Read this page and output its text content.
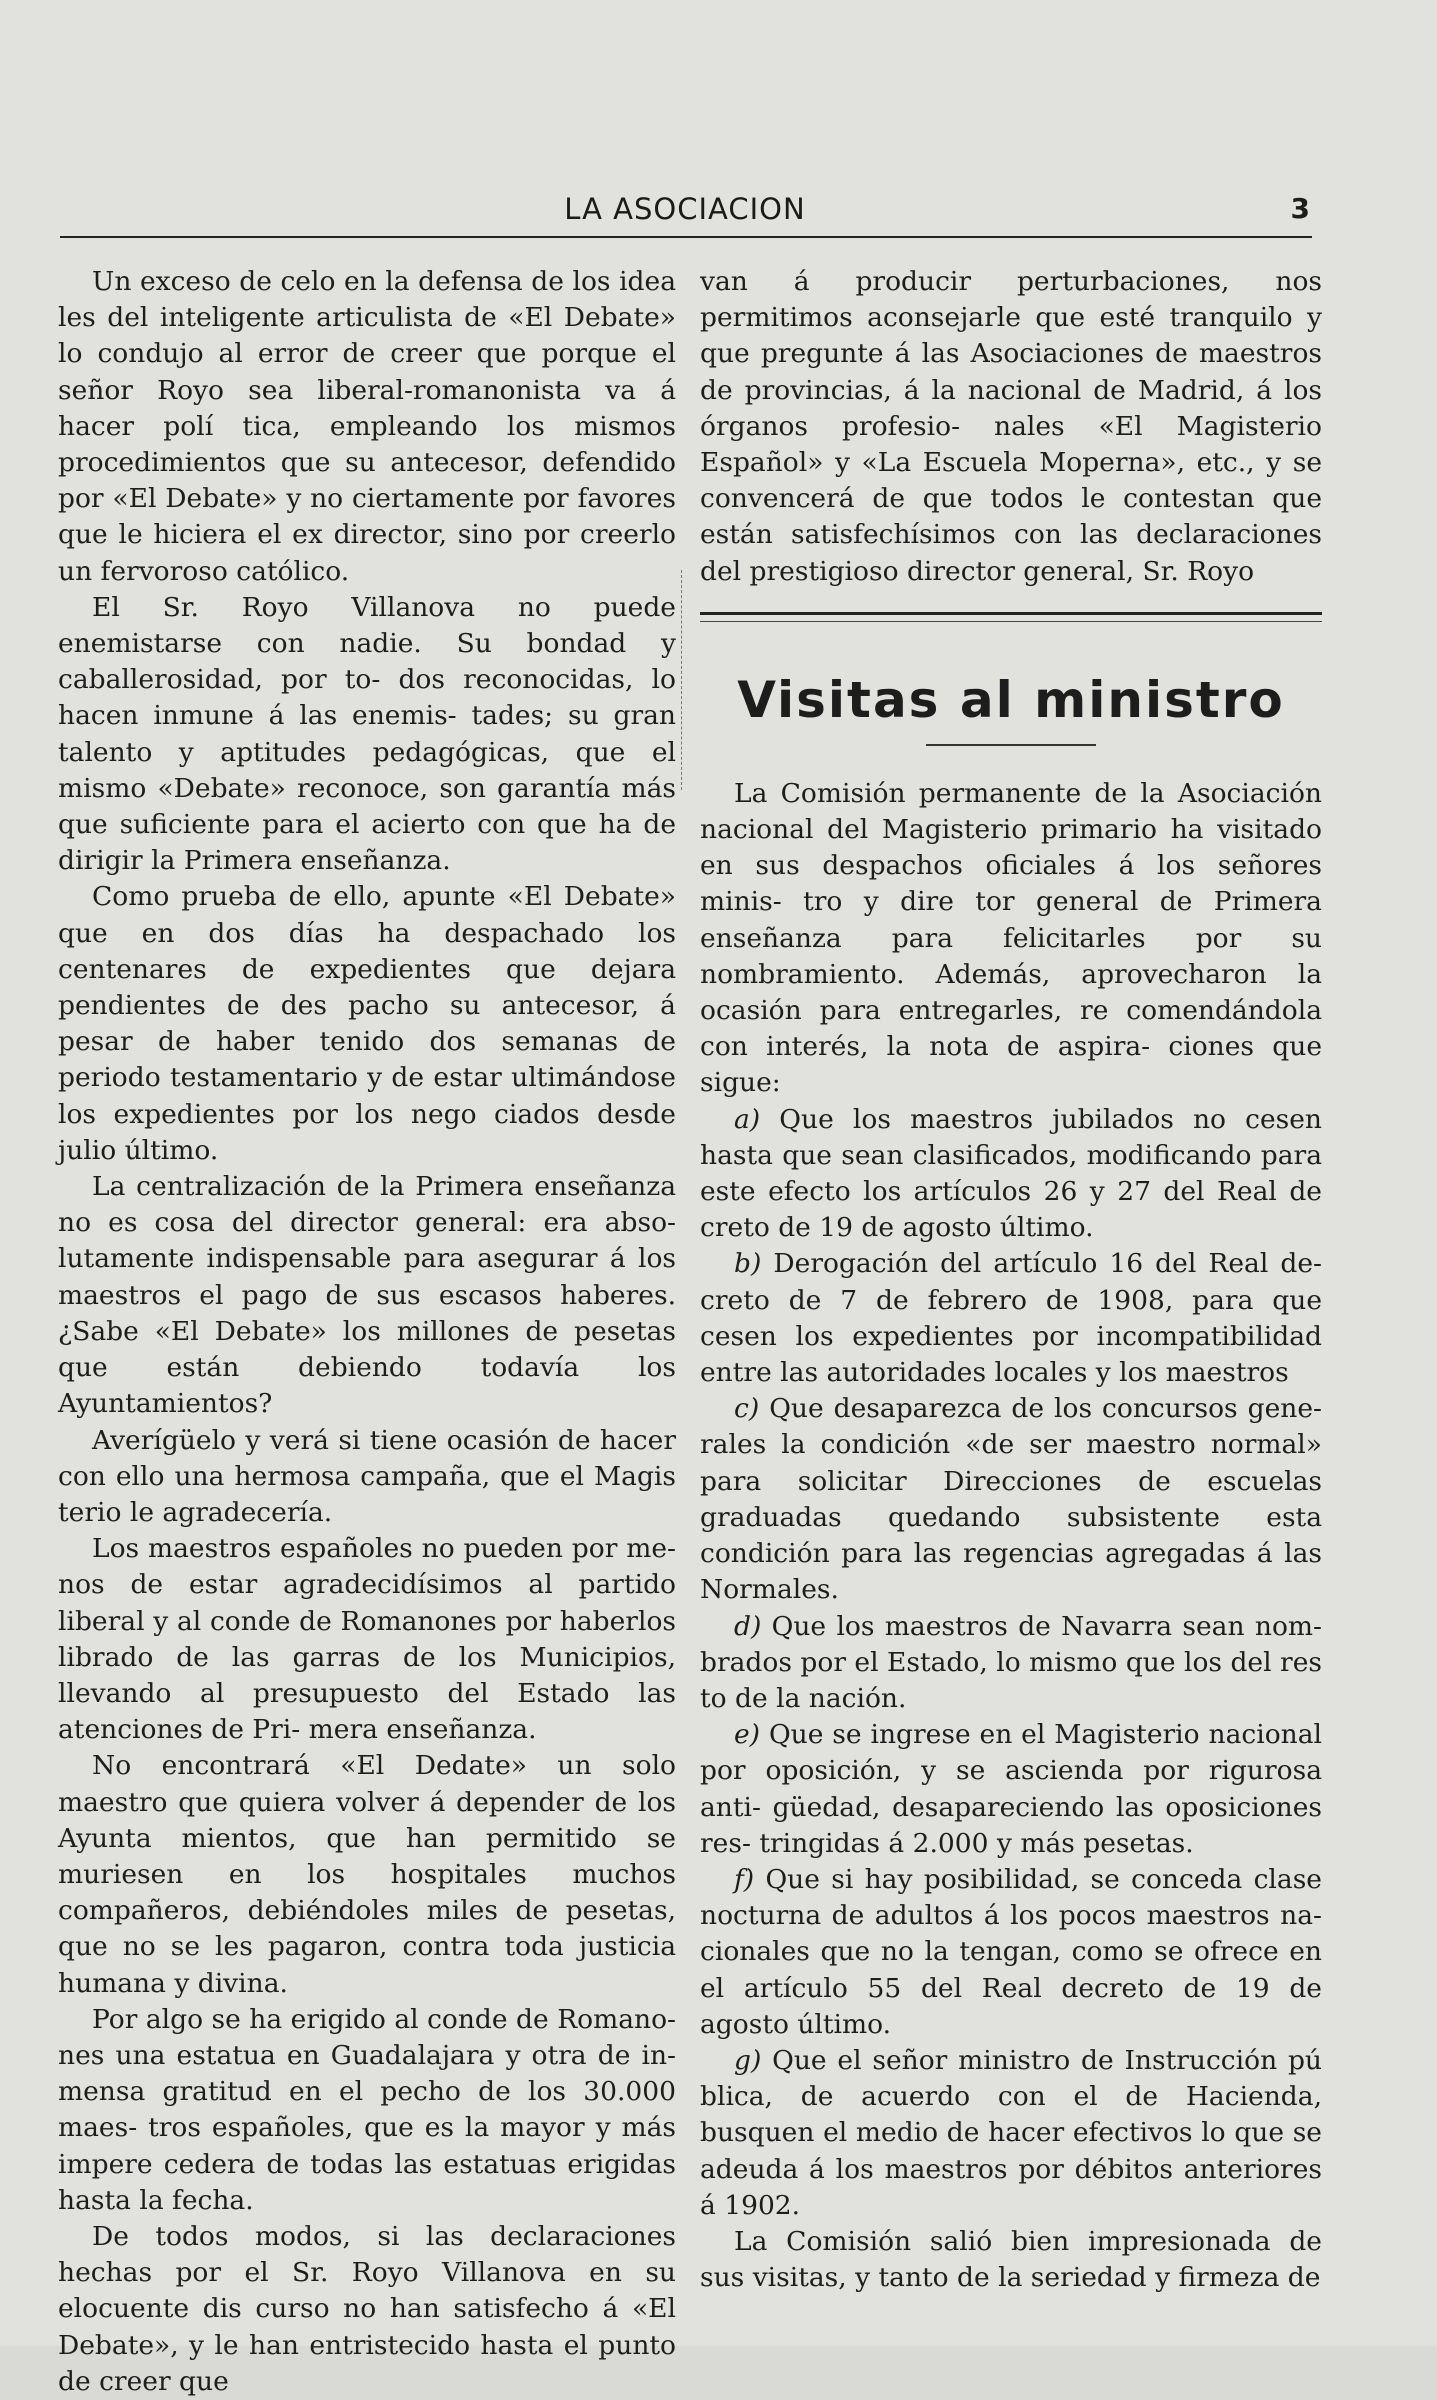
LA ASOCIACION	3

Un exceso de celo en la defensa de los idea les del inteligente articulista de «El Debate» lo condujo al error de creer que porque el señor Royo sea liberal-romanonista va á hacer polí tica, empleando los mismos procedimientos que su antecesor, defendido por «El Debate» y no ciertamente por favores que le hiciera el ex director, sino por creerlo un fervoroso católico.

El Sr. Royo Villanova no puede enemistarse con nadie. Su bondad y caballerosidad, por to- dos reconocidas, lo hacen inmune á las enemis- tades; su gran talento y aptitudes pedagógicas, que el mismo «Debate» reconoce, son garantía más que suficiente para el acierto con que ha de dirigir la Primera enseñanza.

Como prueba de ello, apunte «El Debate» que en dos días ha despachado los centenares de expedientes que dejara pendientes de des pacho su antecesor, á pesar de haber tenido dos semanas de periodo testamentario y de estar ultimándose los expedientes por los nego ciados desde julio último.

La centralización de la Primera enseñanza no es cosa del director general: era abso- lutamente indispensable para asegurar á los maestros el pago de sus escasos haberes. ¿Sabe «El Debate» los millones de pesetas que están debiendo todavía los Ayuntamientos?

Averígüelo y verá si tiene ocasión de hacer con ello una hermosa campaña, que el Magis terio le agradecería.

Los maestros españoles no pueden por me- nos de estar agradecidísimos al partido liberal y al conde de Romanones por haberlos librado de las garras de los Municipios, llevando al presupuesto del Estado las atenciones de Pri- mera enseñanza.

No encontrará «El Dedate» un solo maestro que quiera volver á depender de los Ayunta mientos, que han permitido se muriesen en los hospitales muchos compañeros, debiéndoles miles de pesetas, que no se les pagaron, contra toda justicia humana y divina.

Por algo se ha erigido al conde de Romano- nes una estatua en Guadalajara y otra de in- mensa gratitud en el pecho de los 30.000 maes- tros españoles, que es la mayor y más impere cedera de todas las estatuas erigidas hasta la fecha.

De todos modos, si las declaraciones hechas por el Sr. Royo Villanova en su elocuente dis curso no han satisfecho á «El Debate», y le han entristecido hasta el punto de creer que

van á producir perturbaciones, nos permitimos aconsejarle que esté tranquilo y que pregunte á las Asociaciones de maestros de provincias, á la nacional de Madrid, á los órganos profesio- nales «El Magisterio Español» y «La Escuela Moperna», etc., y se convencerá de que todos le contestan que están satisfechísimos con las declaraciones del prestigioso director general, Sr. Royo

Visitas al ministro

La Comisión permanente de la Asociación nacional del Magisterio primario ha visitado en sus despachos oficiales á los señores minis- tro y dire tor general de Primera enseñanza para felicitarles por su nombramiento. Además, aprovecharon la ocasión para entregarles, re comendándola con interés, la nota de aspira- ciones que sigue:

a) Que los maestros jubilados no cesen hasta que sean clasificados, modificando para este efecto los artículos 26 y 27 del Real de creto de 19 de agosto último.

b) Derogación del artículo 16 del Real de- creto de 7 de febrero de 1908, para que cesen los expedientes por incompatibilidad entre las autoridades locales y los maestros

c) Que desaparezca de los concursos gene- rales la condición «de ser maestro normal» para solicitar Direcciones de escuelas graduadas quedando subsistente esta condición para las regencias agregadas á las Normales.

d) Que los maestros de Navarra sean nom- brados por el Estado, lo mismo que los del res to de la nación.

e) Que se ingrese en el Magisterio nacional por oposición, y se ascienda por rigurosa anti- güedad, desapareciendo las oposiciones res- tringidas á 2.000 y más pesetas.

f) Que si hay posibilidad, se conceda clase nocturna de adultos á los pocos maestros na- cionales que no la tengan, como se ofrece en el artículo 55 del Real decreto de 19 de agosto último.

g) Que el señor ministro de Instrucción pú blica, de acuerdo con el de Hacienda, busquen el medio de hacer efectivos lo que se adeuda á los maestros por débitos anteriores á 1902.

La Comisión salió bien impresionada de sus visitas, y tanto de la seriedad y firmeza de
